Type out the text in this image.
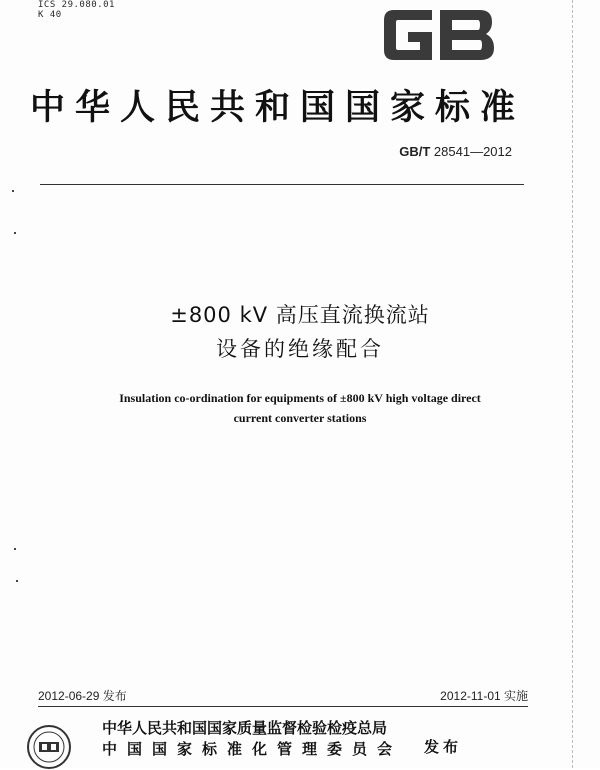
ICS 29.080.01
K 40
中华人民共和国国家标准
GB/T 28541—2012
±800 kV 高压直流换流站
设备的绝缘配合
Insulation co-ordination for equipments of ±800 kV high voltage direct
current converter stations
2012-06-29 发布	2012-11-01 实施
中华人民共和国国家质量监督检验检疫总局
中国国家标准化管理委员会 发布
